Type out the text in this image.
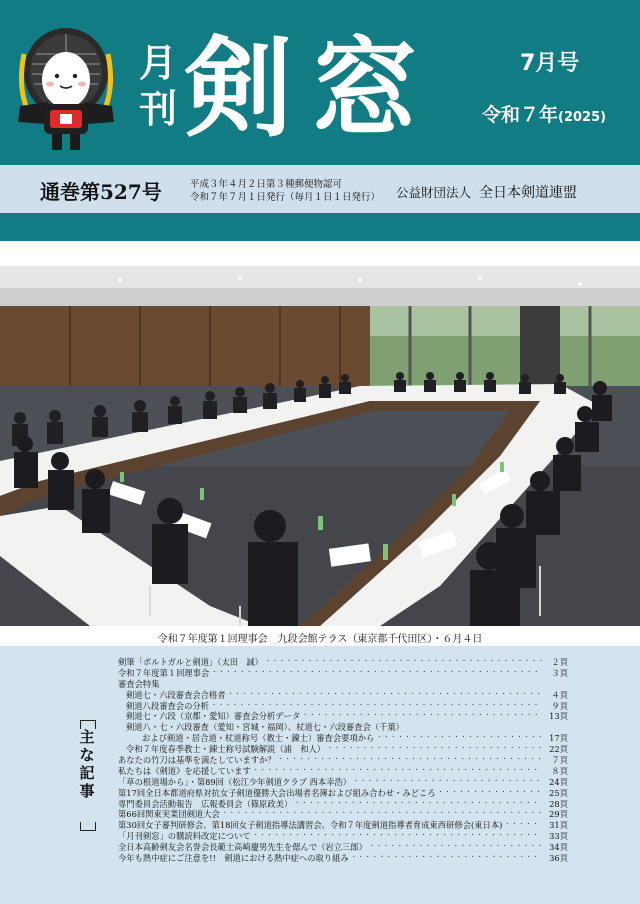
月
刊 剣窓	7月号
令和７年(2025)
通巻第527号	平成３年４月２日第３種郵便物認可
令和７年７月１日発行（毎月１日１日発行） 公益財団法人 全日本剣道連盟
令和７年度第１回理事会　九段会館テラス（東京都千代田区）・６月４日
主
な
記
事
剣筆「ポルトガルと剣道」（太田　誠） ・・・・・・・・・・・・・・・・・・・・・・・・・・・・・・・・・・・・・・・・・・・・・・・・・・・・・・・・・・・・・・・・・・・・・・・・	２頁
令和７年度第１回理事会 ・・・・・・・・・・・・・・・・・・・・・・・・・・・・・・・・・・・・・・・・・・・・・・・・・・・・・・・・・・・・・・・・・・・・・・・・	３頁
審査会特集
剣道七・六段審査会合格者 ・・・・・・・・・・・・・・・・・・・・・・・・・・・・・・・・・・・・・・・・・・・・・・・・・・・・・・・・・・・・・・・・・・・・・・・・	４頁
剣道八段審査会の分析 ・・・・・・・・・・・・・・・・・・・・・・・・・・・・・・・・・・・・・・・・・・・・・・・・・・・・・・・・・・・・・・・・・・・・・・・・	９頁
剣道七・六段（京都・愛知）審査会分析データ ・・・・・・・・・・・・・・・・・・・・・・・・・・・・・・・・・・・・・・・・・・・・・・・・・・・・・・・・・・・・・・・・・・・・・・・・	13頁
剣道八・七・六段審査（愛知・宮城・福岡）、杖道七・六段審査会（千葉）
および剣道・居合道・杖道称号（教士・錬士）審査会要項から ・・・・・・・・・・・・・・・・・・・・・・・・・・・・・・・・・・・・・・・・・・・・・・・・・・・・・・・・・・・・・・・・・・・・・・・・	17頁
令和７年度春季教士・錬士称号試験解説（浦　和人） ・・・・・・・・・・・・・・・・・・・・・・・・・・・・・・・・・・・・・・・・・・・・・・・・・・・・・・・・・・・・・・・・・・・・・・・・	22頁
あなたの竹刀は基準を満たしていますか？ ・・・・・・・・・・・・・・・・・・・・・・・・・・・・・・・・・・・・・・・・・・・・・・・・・・・・・・・・・・・・・・・・・・・・・・・・	７頁
私たちは《剣道》を応援しています ・・・・・・・・・・・・・・・・・・・・・・・・・・・・・・・・・・・・・・・・・・・・・・・・・・・・・・・・・・・・・・・・・・・・・・・・	８頁
「草の根道場から」・第89回（松江少年剣道クラブ 西本幸浩） ・・・・・・・・・・・・・・・・・・・・・・・・・・・・・・・・・・・・・・・・・・・・・・・・・・・・・・・・・・・・・・・・・・・・・・・・	24頁
第17回全日本都道府県対抗女子剣道優勝大会出場者名簿および組み合わせ・みどころ ・・・・・・・・・・・・・・・・・・・・・・・・・・・・・・・・・・・・・・・・・・・・・・・・・・・・・・・・・・・・・・・・・・・・・・・・	25頁
専門委員会活動報告　広報委員会（篠原政美） ・・・・・・・・・・・・・・・・・・・・・・・・・・・・・・・・・・・・・・・・・・・・・・・・・・・・・・・・・・・・・・・・・・・・・・・・	28頁
第66回関東実業団剣道大会 ・・・・・・・・・・・・・・・・・・・・・・・・・・・・・・・・・・・・・・・・・・・・・・・・・・・・・・・・・・・・・・・・・・・・・・・・	29頁
第30回女子審判研修会、第18回女子剣道指導法講習会、令和７年度剣道指導者育成東西研修会(東日本) ・・・・・・・・・・・・・・・・・・・・・・・・・・・・・・・・・・・・・・・・・・・・・・・・・・・・・・・・・・・・・・・・・・・・・・・・	31頁
「月刊剣窓」の購読料改定について ・・・・・・・・・・・・・・・・・・・・・・・・・・・・・・・・・・・・・・・・・・・・・・・・・・・・・・・・・・・・・・・・・・・・・・・・	33頁
全日本高齢剣友会名誉会長範士高崎慶男先生を偲んで（岩立三郎） ・・・・・・・・・・・・・・・・・・・・・・・・・・・・・・・・・・・・・・・・・・・・・・・・・・・・・・・・・・・・・・・・・・・・・・・・	34頁
今年も熱中症にご注意を!!　剣道における熱中症への取り組み ・・・・・・・・・・・・・・・・・・・・・・・・・・・・・・・・・・・・・・・・・・・・・・・・・・・・・・・・・・・・・・・・・・・・・・・・	36頁
